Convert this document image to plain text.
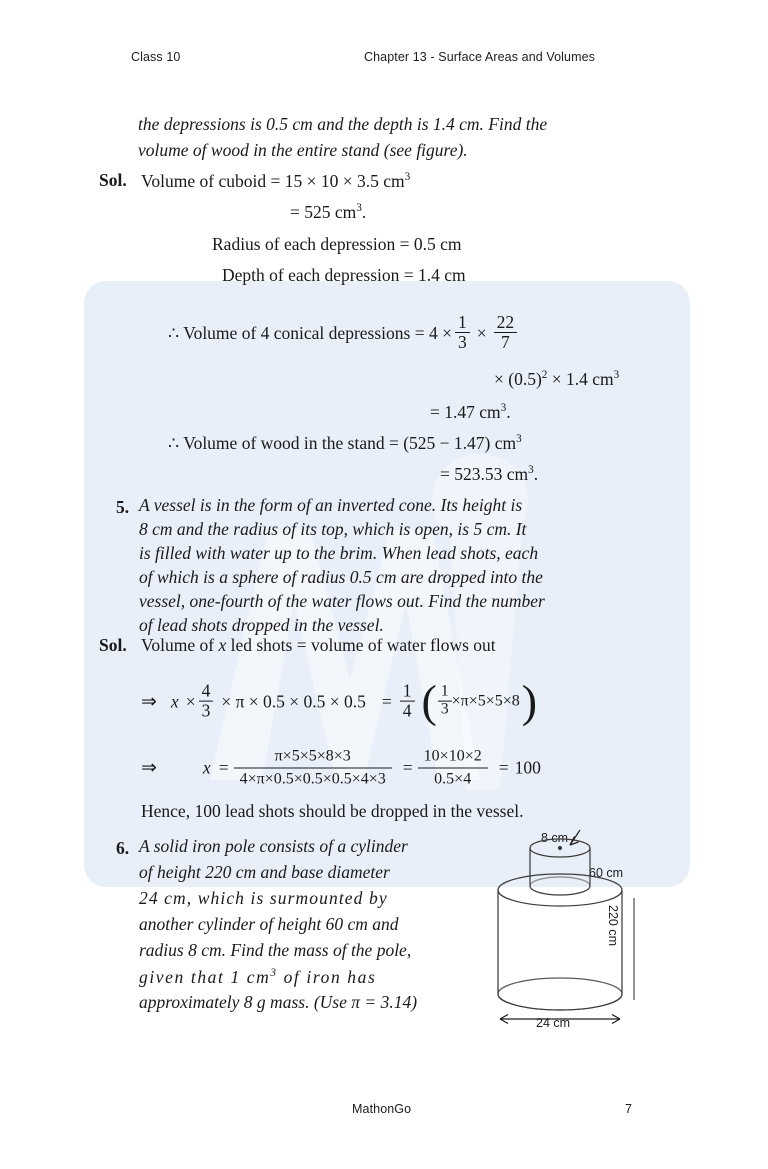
Class 10	Chapter 13 - Surface Areas and Volumes
MathonGo	7
the depressions is 0.5 cm and the depth is 1.4 cm. Find the
volume of wood in the entire stand (see figure).
Sol. Volume of cuboid = 15 × 10 × 3.5 $cm^3$
= 525 $cm^3$.
Radius of each depression = 0.5 cm
Depth of each depression = 1.4 cm
∴ Volume of 4 conical depressions = $4 \times \frac{1}{3} \times \frac{22}{7}$
× $(0.5)^2 \times 1.4$ $cm^3$
= 1.47 $cm^3$.
∴ Volume of wood in the stand = (525 − 1.47) $cm^3$
= 523.53 $cm^3$.
5. A vessel is in the form of an inverted cone. Its height is
8 cm and the radius of its top, which is open, is 5 cm. It
is filled with water up to the brim. When lead shots, each
of which is a sphere of radius 0.5 cm are dropped into the
vessel, one-fourth of the water flows out. Find the number
of lead shots dropped in the vessel.
Sol. Volume of x led shots = volume of water flows out
⇒ $x \times \frac{4}{3} \times \pi \times 0.5 \times 0.5 \times 0.5 = \frac{1}{4}$ ( $\frac{1}{3} \times\pi\times 5\times 5\times 8$ )
⇒	$x = \frac{\pi\times 5\times 5\times 8\times 3}{4\times\pi\times 0.5\times 0.5\times 0.5\times 4\times 3} = \frac{10\times 10\times 2}{0.5\times 4} = 100$
Hence, 100 lead shots should be dropped in the vessel.
6. A solid iron pole consists of a cylinder
of height 220 cm and base diameter
24 cm, which is surmounted by
another cylinder of height 60 cm and
radius 8 cm. Find the mass of the pole,
given that 1 $cm^3$ of iron has
approximately 8 g mass. (Use π = 3.14)
8 cm
60 cm
220 cm
24 cm
